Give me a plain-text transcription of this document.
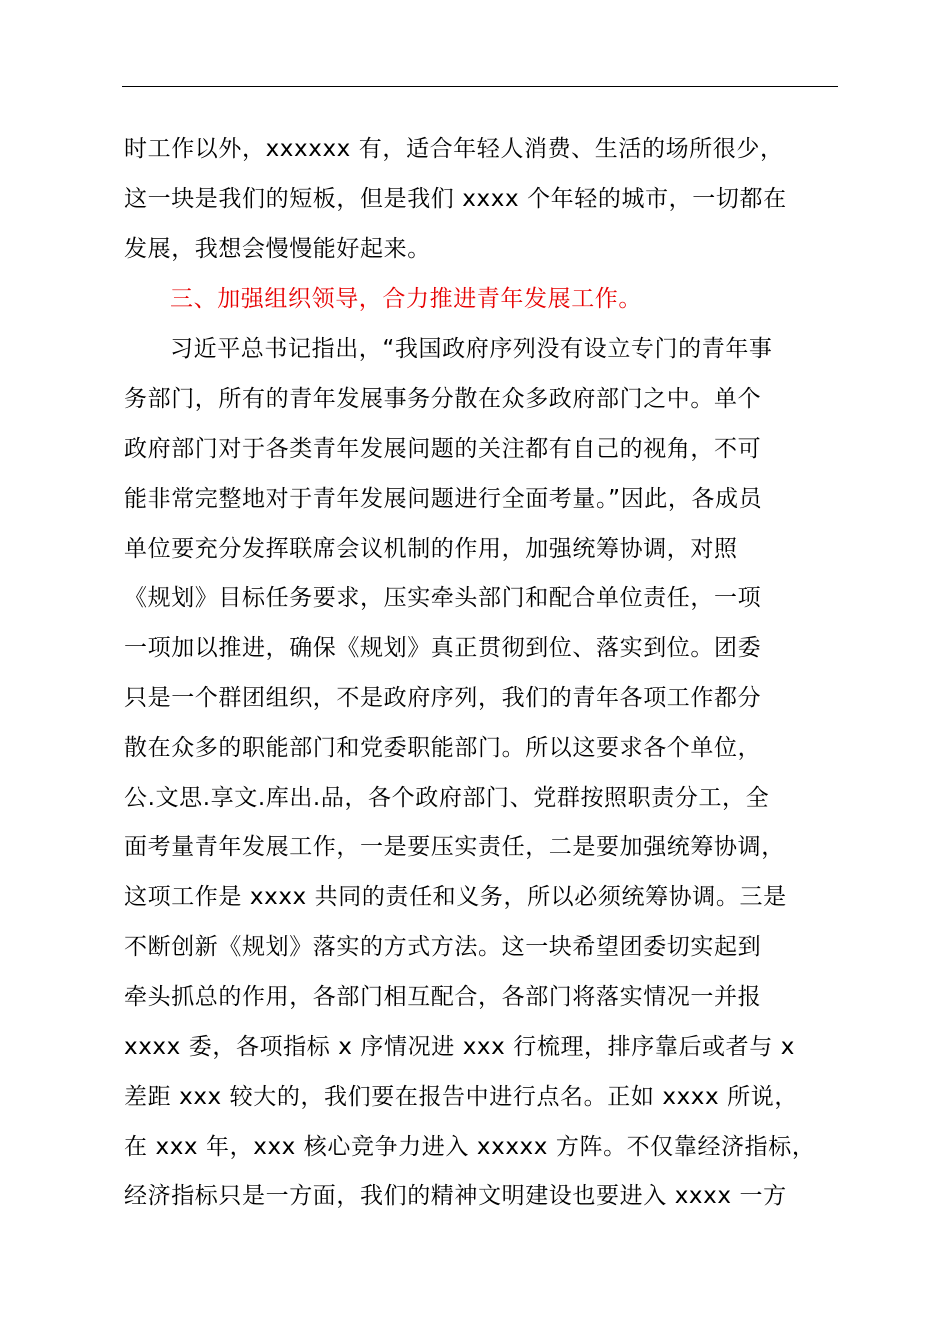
时工作以外，xxxxxx 有，适合年轻人消费、生活的场所很少，
这一块是我们的短板，但是我们 xxxx 个年轻的城市，一切都在
发展，我想会慢慢能好起来。
三、加强组织领导，合力推进青年发展工作。
习近平总书记指出，“我国政府序列没有设立专门的青年事
务部门，所有的青年发展事务分散在众多政府部门之中。单个
政府部门对于各类青年发展问题的关注都有自己的视角，不可
能非常完整地对于青年发展问题进行全面考量。”因此，各成员
单位要充分发挥联席会议机制的作用，加强统筹协调，对照
《规划》目标任务要求，压实牵头部门和配合单位责任，一项
一项加以推进，确保《规划》真正贯彻到位、落实到位。团委
只是一个群团组织，不是政府序列，我们的青年各项工作都分
散在众多的职能部门和党委职能部门。所以这要求各个单位，
公.文思.享文.库出.品，各个政府部门、党群按照职责分工，全
面考量青年发展工作，一是要压实责任，二是要加强统筹协调，
这项工作是 xxxx 共同的责任和义务，所以必须统筹协调。三是
不断创新《规划》落实的方式方法。这一块希望团委切实起到
牵头抓总的作用，各部门相互配合，各部门将落实情况一并报
xxxx 委，各项指标 x 序情况进 xxx 行梳理，排序靠后或者与 x
差距 xxx 较大的，我们要在报告中进行点名。正如 xxxx 所说，
在 xxx 年，xxx 核心竞争力进入 xxxxx 方阵。不仅靠经济指标，
经济指标只是一方面，我们的精神文明建设也要进入 xxxx 一方
